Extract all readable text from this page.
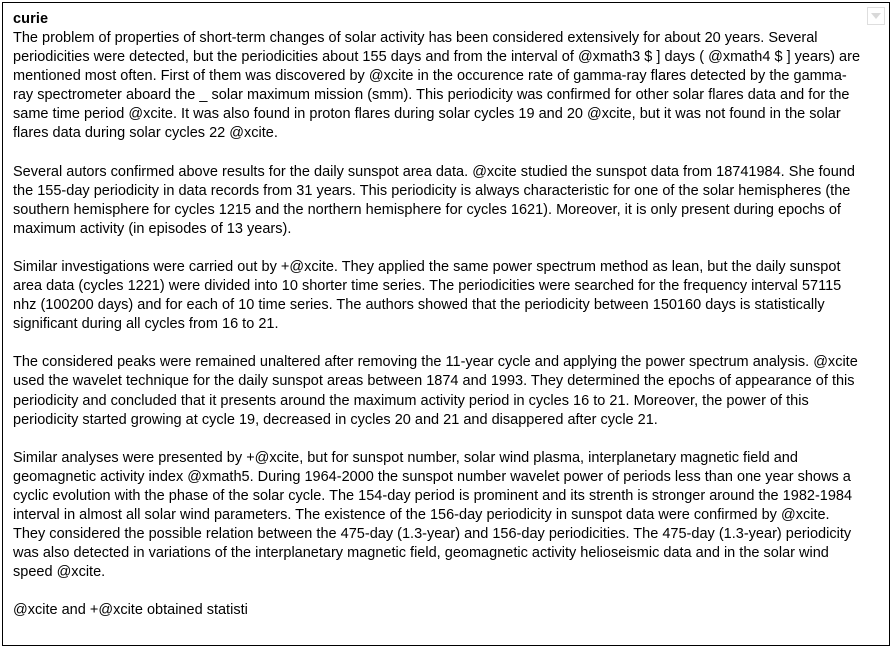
curie

The problem of properties of short-term changes of solar activity has been considered extensively for about 20 years. Several periodicities were detected, but the periodicities about 155 days and from the interval of @xmath3 $ ] days ( @xmath4 $ ] years) are mentioned most often. First of them was discovered by @xcite in the occurence rate of gamma-ray flares detected by the gamma-ray spectrometer aboard the _ solar maximum mission (smm). This periodicity was confirmed for other solar flares data and for the same time period @xcite. It was also found in proton flares during solar cycles 19 and 20 @xcite, but it was not found in the solar flares data during solar cycles 22 @xcite.

Several autors confirmed above results for the daily sunspot area data. @xcite studied the sunspot data from 18741984. She found the 155-day periodicity in data records from 31 years. This periodicity is always characteristic for one of the solar hemispheres (the southern hemisphere for cycles 1215 and the northern hemisphere for cycles 1621). Moreover, it is only present during epochs of maximum activity (in episodes of 13 years).

Similar investigations were carried out by +@xcite. They applied the same power spectrum method as lean, but the daily sunspot area data (cycles 1221) were divided into 10 shorter time series. The periodicities were searched for the frequency interval 57115 nhz (100200 days) and for each of 10 time series. The authors showed that the periodicity between 150160 days is statistically significant during all cycles from 16 to 21.

The considered peaks were remained unaltered after removing the 11-year cycle and applying the power spectrum analysis. @xcite used the wavelet technique for the daily sunspot areas between 1874 and 1993. They determined the epochs of appearance of this periodicity and concluded that it presents around the maximum activity period in cycles 16 to 21. Moreover, the power of this periodicity started growing at cycle 19, decreased in cycles 20 and 21 and disappered after cycle 21.

Similar analyses were presented by +@xcite, but for sunspot number, solar wind plasma, interplanetary magnetic field and geomagnetic activity index @xmath5. During 1964-2000 the sunspot number wavelet power of periods less than one year shows a cyclic evolution with the phase of the solar cycle. The 154-day period is prominent and its strenth is stronger around the 1982-1984 interval in almost all solar wind parameters. The existence of the 156-day periodicity in sunspot data were confirmed by @xcite. They considered the possible relation between the 475-day (1.3-year) and 156-day periodicities. The 475-day (1.3-year) periodicity was also detected in variations of the interplanetary magnetic field, geomagnetic activity helioseismic data and in the solar wind speed @xcite.

@xcite and +@xcite obtained statisti
